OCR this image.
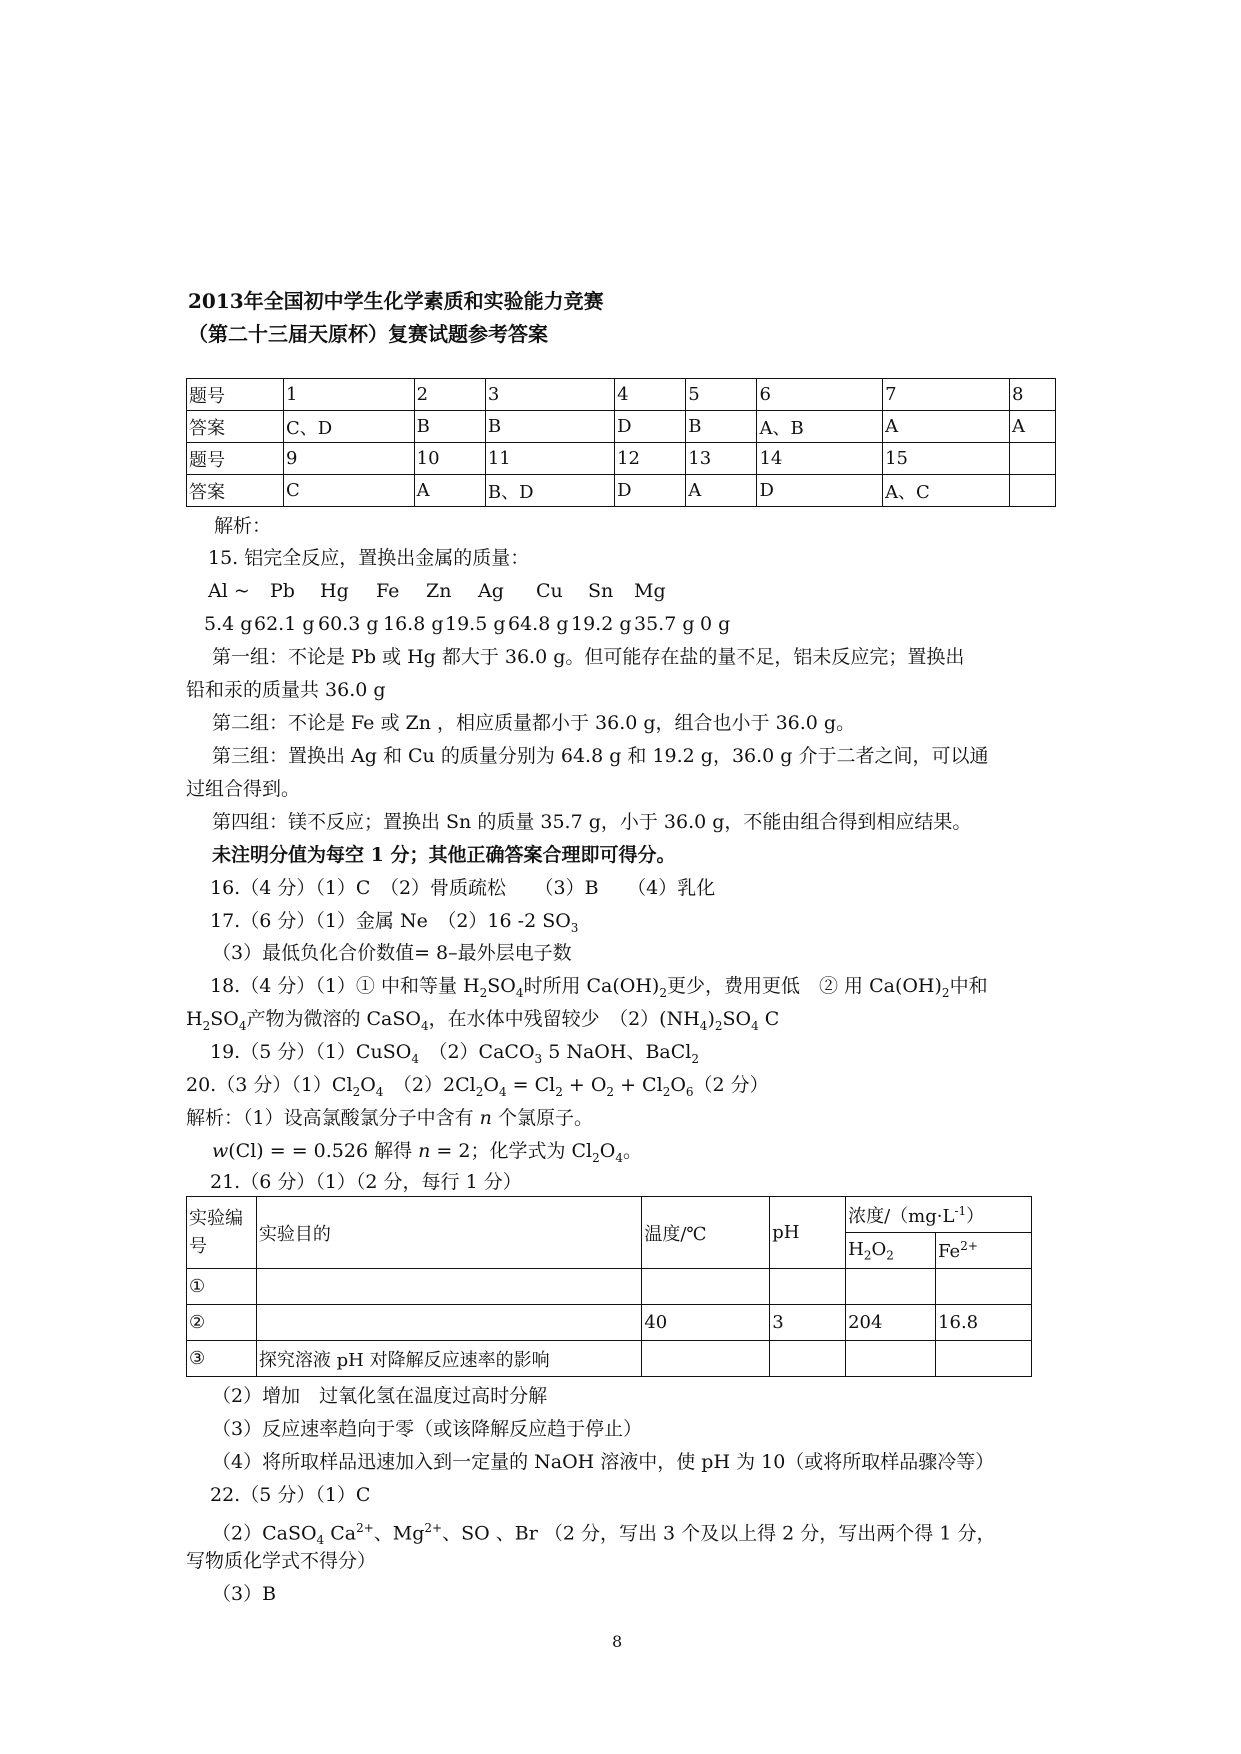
2013年全国初中学生化学素质和实验能力竞赛
（第二十三届天原杯）复赛试题参考答案
题号	1	2	3	4	5	6	7	8
答案	C、D	B	B	D	B	A、B	A	A
题号	9	10	11	12	13	14	15	
答案	C	A	B、D	D	A	D	A、C	

解析：

15. 铝完全反应，置换出金属的质量：

Al ~ Pb Hg Fe Zn Ag Cu Sn Mg
5.4 g 62.1 g 60.3 g 16.8 g 19.5 g 64.8 g 19.2 g 35.7 g 0 g

第一组：不论是 Pb 或 Hg 都大于 36.0 g。但可能存在盐的量不足，铝未反应完；置换出

铅和汞的质量共 36.0 g

第二组：不论是 Fe 或 Zn ，相应质量都小于 36.0 g，组合也小于 36.0 g。

第三组：置换出 Ag 和 Cu 的质量分别为 64.8 g 和 19.2 g，36.0 g 介于二者之间，可以通

过组合得到。

第四组：镁不反应；置换出 Sn 的质量 35.7 g，小于 36.0 g，不能由组合得到相应结果。

未注明分值为每空 1 分；其他正确答案合理即可得分。

16.（4 分）（1）C　（2）骨质疏松　　（3）B　　（4）乳化

17.（6 分）（1）金属 Ne　（2）16 -2 $SO_3$

（3）最低负化合价数值= 8–最外层电子数

18.（4 分）（1）① 中和等量 $H_2SO_4$时所用 $Ca(OH)_2$更少，费用更低　② 用 $Ca(OH)_2$中和

$H_2SO_4$产物为微溶的 CaSO$_4$，在水体中残留较少　$(2)(NH_4)_2SO_4$ C

19.（5 分）（1）CuSO$_4$　（2）CaCO$_3$ 5 NaOH、BaCl$_2$

20.（3 分）$(1)Cl_2O_4$　$(2)2Cl_2O_4 = Cl_2 + O_2 + Cl_2O_6(2$ 分）

解析：（1）设高氯酸氯分子中含有 n 个氯原子。

w(Cl) = = 0.526 解得 n = 2；化学式为 $Cl_2O_4$。

21.（6 分）（1）（2 分，每行 1 分）

实验编
号	实验目的	温度/℃	pH	浓度$/(mg\cdot L^{-1})$	
				$H_2O_2$	$Fe^{2+}$
①					
②		40	3	204	16.8
③	探究溶液 pH 对降解反应速率的影响				

（2）增加　过氧化氢在温度过高时分解

（3）反应速率趋向于零（或该降解反应趋于停止）

（4）将所取样品迅速加入到一定量的 NaOH 溶液中，使 pH 为 10（或将所取样品骤冷等）

22.（5 分）（1）C

（2）CaSO$_4$ $Ca^{2+}$、$Mg^{2+}$、SO 、Br （2 分，写出 3 个及以上得 2 分，写出两个得 1 分，

写物质化学式不得分）

（3）B

8
